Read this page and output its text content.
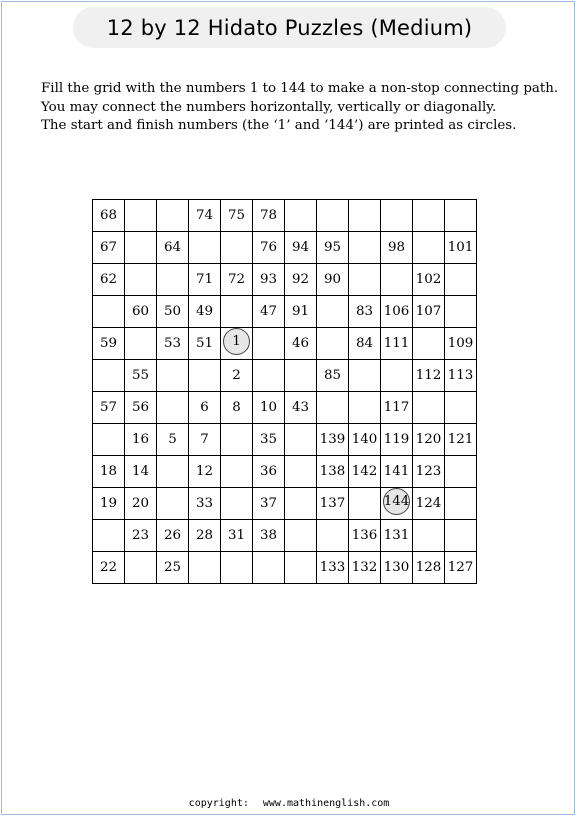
12 by 12 Hidato Puzzles (Medium)
Fill the grid with the numbers 1 to 144 to make a non-stop connecting path.
You may connect the numbers horizontally, vertically or diagonally.
The start and finish numbers (the ‘1’ and ‘144’) are printed as circles.
68			74	75	78						
67		64			76	94	95		98		101
62			71	72	93	92	90			102	
	60	50	49		47	91		83	106	107	
59		53	51	1		46		84	111		109
	55			2			85			112	113
57	56		6	8	10	43			117		
	16	5	7		35		139	140	119	120	121
18	14		12		36		138	142	141	123	
19	20		33		37		137		144	124	
	23	26	28	31	38			136	131		
22		25					133	132	130	128	127
copyright: www.mathinenglish.com
